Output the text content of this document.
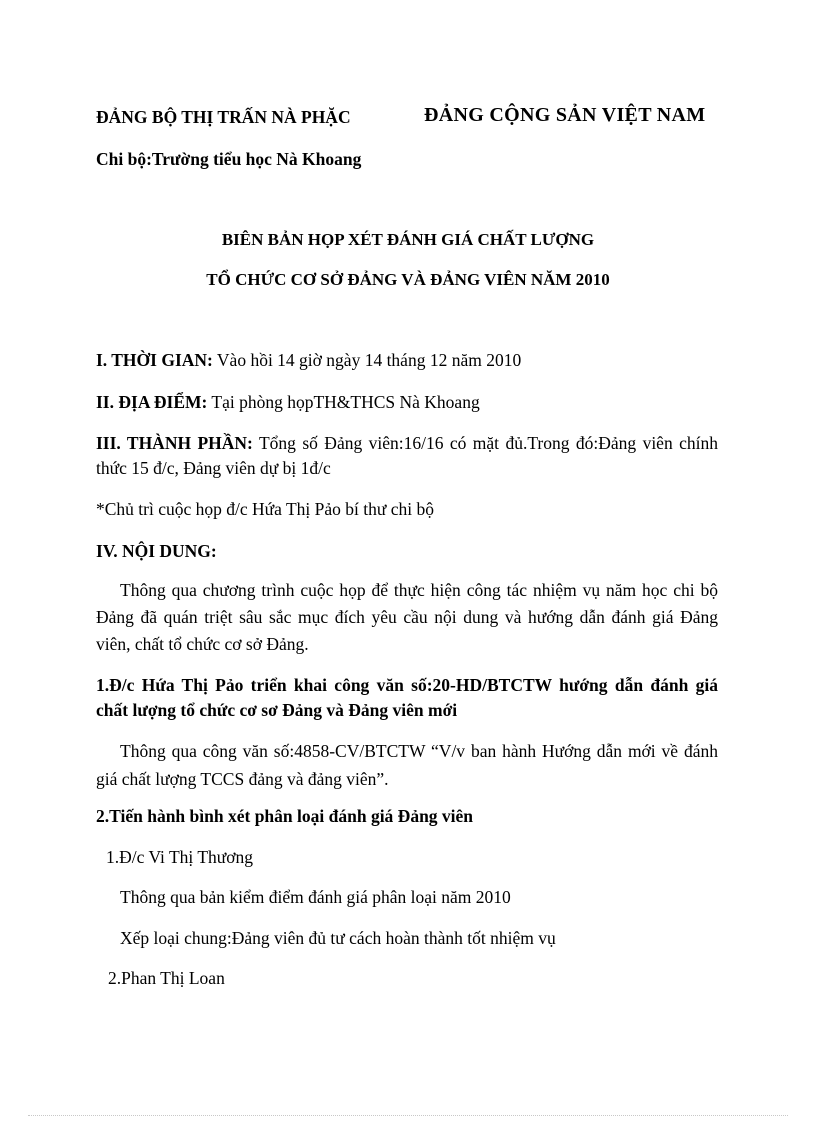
ĐẢNG BỘ THỊ TRẤN NÀ PHẶC	ĐẢNG CỘNG SẢN VIỆT NAM
Chi bộ:Trường tiểu học Nà Khoang
BIÊN BẢN HỌP XÉT ĐÁNH GIÁ CHẤT LƯỢNG
TỔ CHỨC CƠ SỞ ĐẢNG VÀ ĐẢNG VIÊN NĂM 2010
I. THỜI GIAN: Vào hồi 14 giờ ngày 14 tháng 12 năm 2010
II. ĐỊA ĐIỂM: Tại phòng họpTH&THCS Nà Khoang
III. THÀNH PHẦN: Tổng số Đảng viên:16/16 có mặt đủ.Trong đó:Đảng viên chính thức 15 đ/c, Đảng viên dự bị 1đ/c
*Chủ trì cuộc họp đ/c Hứa Thị Pảo bí thư chi bộ
IV. NỘI DUNG:
Thông qua chương trình cuộc họp để thực hiện công tác nhiệm vụ năm học chi bộ Đảng đã quán triệt sâu sắc mục đích yêu cầu nội dung và hướng dẫn đánh giá Đảng viên, chất tổ chức cơ sở Đảng.
1.Đ/c Hứa Thị Pảo triển khai công văn số:20-HD/BTCTW hướng dẫn đánh giá chất lượng tổ chức cơ sơ Đảng và Đảng viên mới
Thông qua công văn số:4858-CV/BTCTW “V/v ban hành Hướng dẫn mới về đánh giá chất lượng TCCS đảng và đảng viên”.
2.Tiến hành bình xét phân loại đánh giá Đảng viên
1.Đ/c Vi Thị Thương
Thông qua bản kiểm điểm đánh giá phân loại năm 2010
Xếp loại chung:Đảng viên đủ tư cách hoàn thành tốt nhiệm vụ
2.Phan Thị Loan
